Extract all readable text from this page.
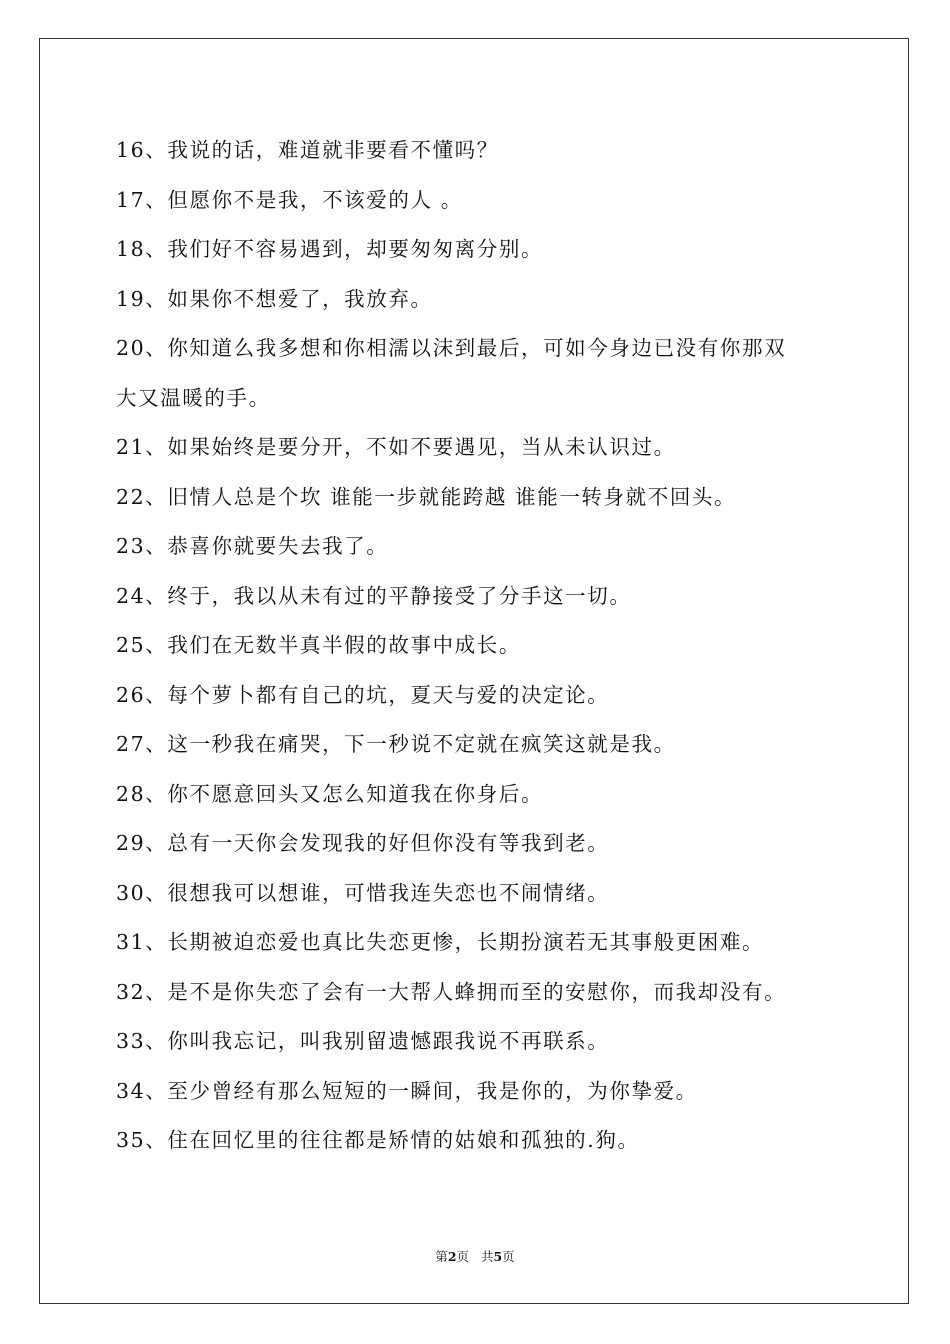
16、我说的话，难道就非要看不懂吗？
17、但愿你不是我，不该爱的人 。
18、我们好不容易遇到，却要匆匆离分别。
19、如果你不想爱了，我放弃。
20、你知道么我多想和你相濡以沫到最后，可如今身边已没有你那双
大又温暖的手。
21、如果始终是要分开，不如不要遇见，当从未认识过。
22、旧情人总是个坎 谁能一步就能跨越 谁能一转身就不回头。
23、恭喜你就要失去我了。
24、终于，我以从未有过的平静接受了分手这一切。
25、我们在无数半真半假的故事中成长。
26、每个萝卜都有自己的坑，夏天与爱的决定论。
27、这一秒我在痛哭，下一秒说不定就在疯笑这就是我。
28、你不愿意回头又怎么知道我在你身后。
29、总有一天你会发现我的好但你没有等我到老。
30、很想我可以想谁，可惜我连失恋也不闹情绪。
31、长期被迫恋爱也真比失恋更惨，长期扮演若无其事般更困难。
32、是不是你失恋了会有一大帮人蜂拥而至的安慰你，而我却没有。
33、你叫我忘记，叫我别留遗憾跟我说不再联系。
34、至少曾经有那么短短的一瞬间，我是你的，为你挚爱。
35、住在回忆里的往往都是矫情的姑娘和孤独的.狗。
第2页 共5页
